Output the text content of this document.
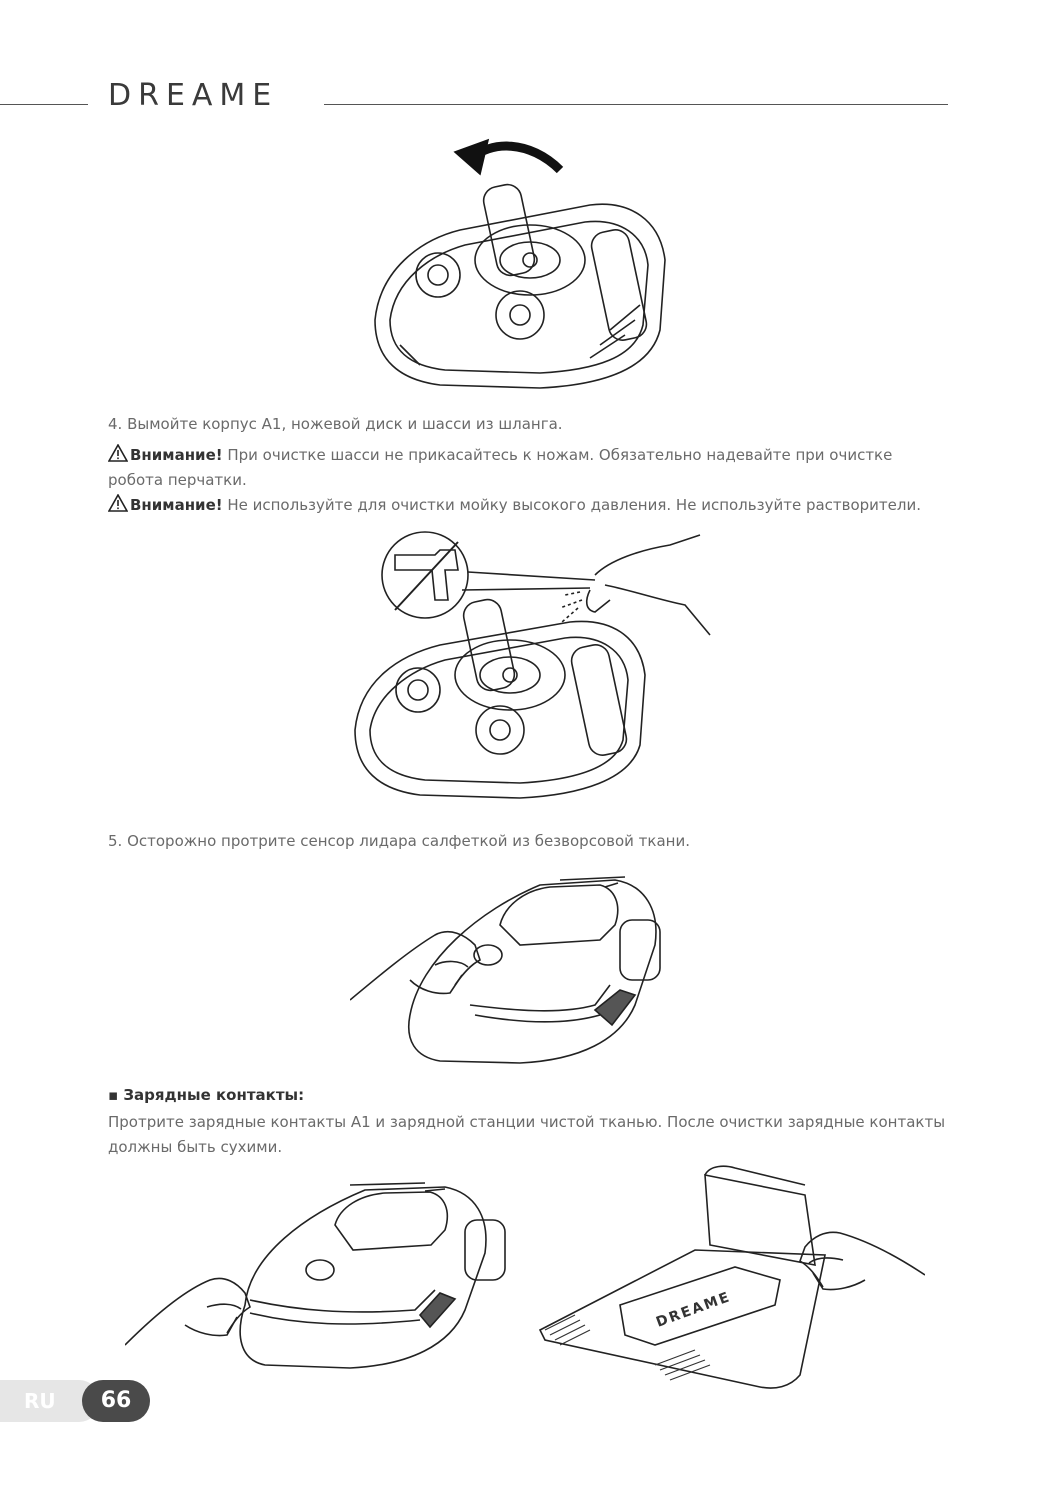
DREAME
4. Вымойте корпус A1, ножевой диск и шасси из шланга.
Внимание! При очистке шасси не прикасайтесь к ножам. Обязательно надевайте при очистке робота перчатки.
Внимание! Не используйте для очистки мойку высокого давления. Не используйте растворители.
5. Осторожно протрите сенсор лидара салфеткой из безворсовой ткани.
▪ Зарядные контакты:
Протрите зарядные контакты A1 и зарядной станции чистой тканью. После очистки зарядные контакты должны быть сухими.
DREAME
RU	66
